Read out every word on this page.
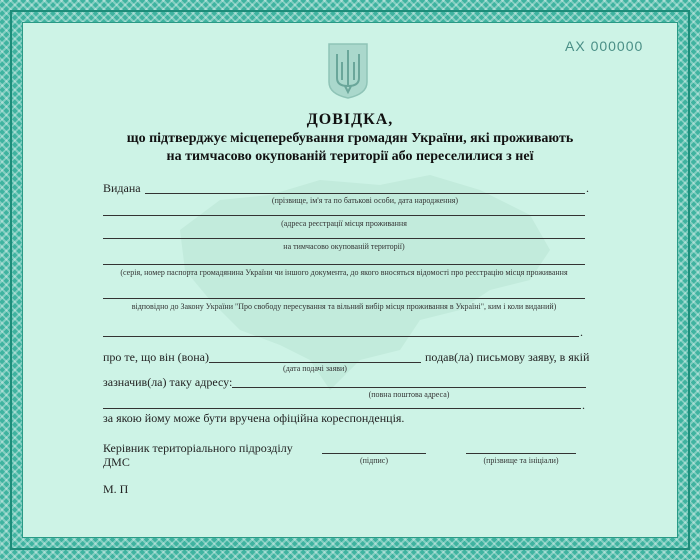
АХ 000000
ДОВІДКА,
що підтверджує місцеперебування громадян України, які проживають
на тимчасово окупованій території або переселилися з неї
Видана	.
(прізвище, ім'я та по батькові особи, дата народження)
(адреса реєстрації місця проживання
на тимчасово окупованій території)
(серія, номер паспорта громадянина України чи іншого документа, до якого вносяться відомості про реєстрацію місця проживання
відповідно до Закону України "Про свободу пересування та вільний вибір місця проживання в Україні", ким і коли виданий)
.
про те, що він (вона)	подав(ла) письмову заяву, в якій
(дата подачі заяви)
зазначив(ла) таку адресу:
(повна поштова адреса)
.
за якою йому може бути вручена офіційна кореспонденція.
Керівник територіального підрозділу
ДМС	(підпис)	(прізвище та ініціали)
М. П
